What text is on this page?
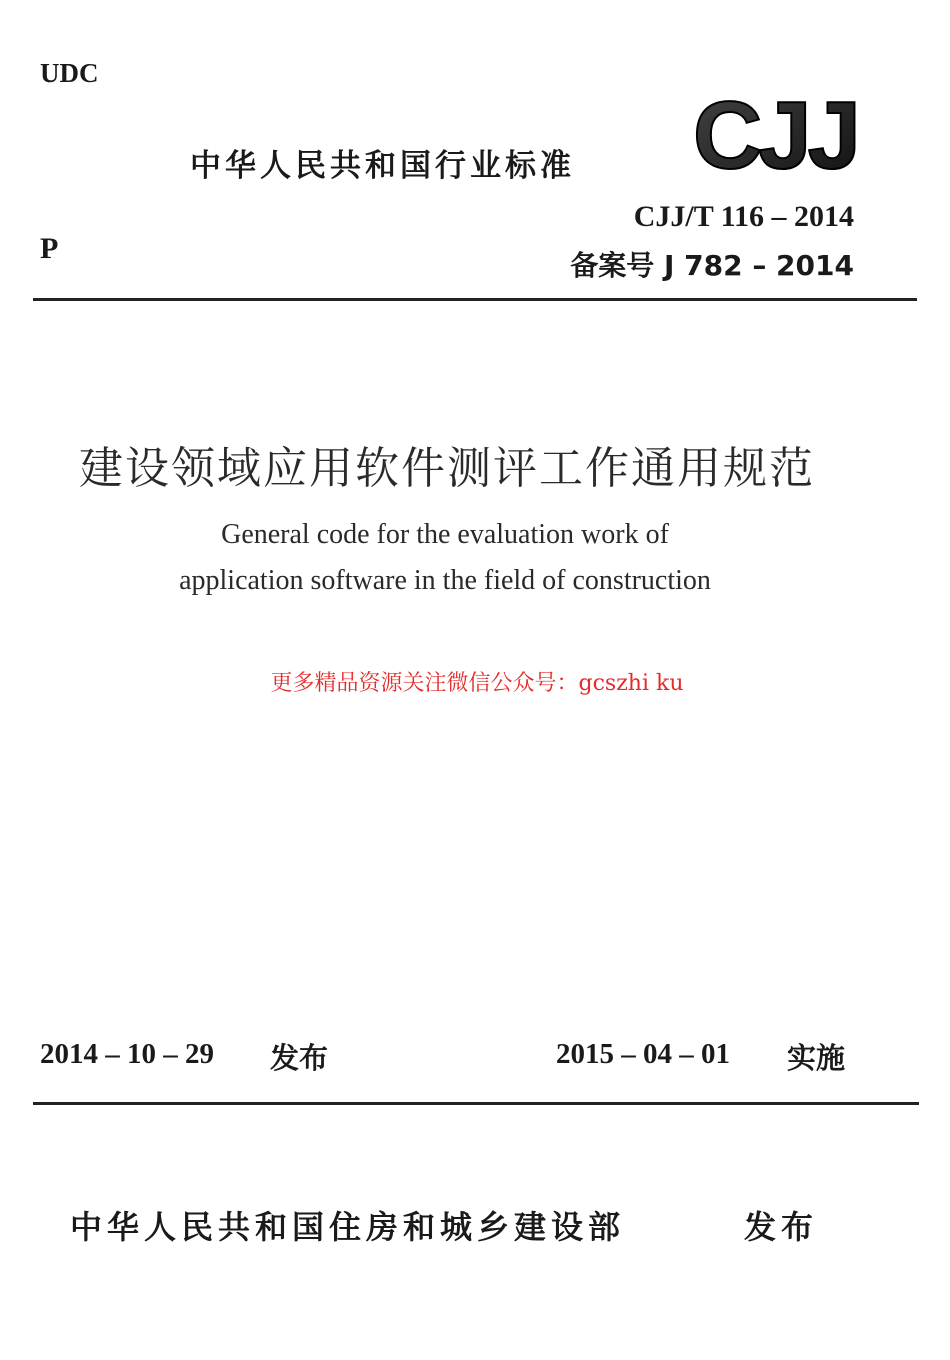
UDC
中华人民共和国行业标准 CJJ
CJJ/T 116 – 2014
备案号 J 782 – 2014
P
建设领域应用软件测评工作通用规范
General code for the evaluation work of
application software in the field of construction
更多精品资源关注微信公众号：gcszhi ku
2014 – 10 – 29 发布	2015 – 04 – 01 实施
中华人民共和国住房和城乡建设部	发布
